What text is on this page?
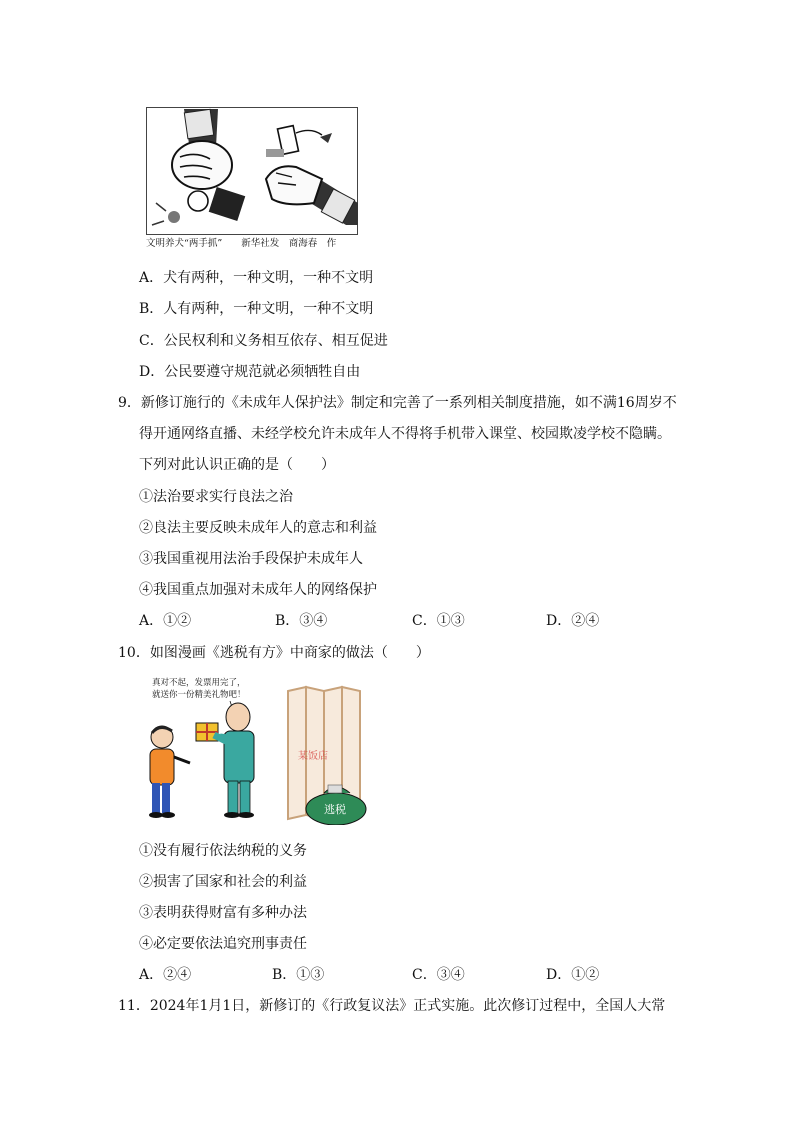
文明养犬“两手抓”　　新华社发　商海春　作
A．犬有两种，一种文明，一种不文明
B．人有两种，一种文明，一种不文明
C．公民权利和义务相互依存、相互促进
D．公民要遵守规范就必须牺牲自由
9．新修订施行的《未成年人保护法》制定和完善了一系列相关制度措施，如不满16周岁不
得开通网络直播、未经学校允许未成年人不得将手机带入课堂、校园欺凌学校不隐瞒。
下列对此认识正确的是（　　）
①法治要求实行良法之治
②良法主要反映未成年人的意志和利益
③我国重视用法治手段保护未成年人
④我国重点加强对未成年人的网络保护
A．①②	B．③④	C．①③	D．②④
10．如图漫画《逃税有方》中商家的做法（　　）
真对不起，发票用完了，
就送你一份精美礼物吧！
某饭店
逃税
①没有履行依法纳税的义务
②损害了国家和社会的利益
③表明获得财富有多种办法
④必定要依法追究刑事责任
A．②④	B．①③	C．③④	D．①②
11．2024年1月1日，新修订的《行政复议法》正式实施。此次修订过程中，全国人大常
